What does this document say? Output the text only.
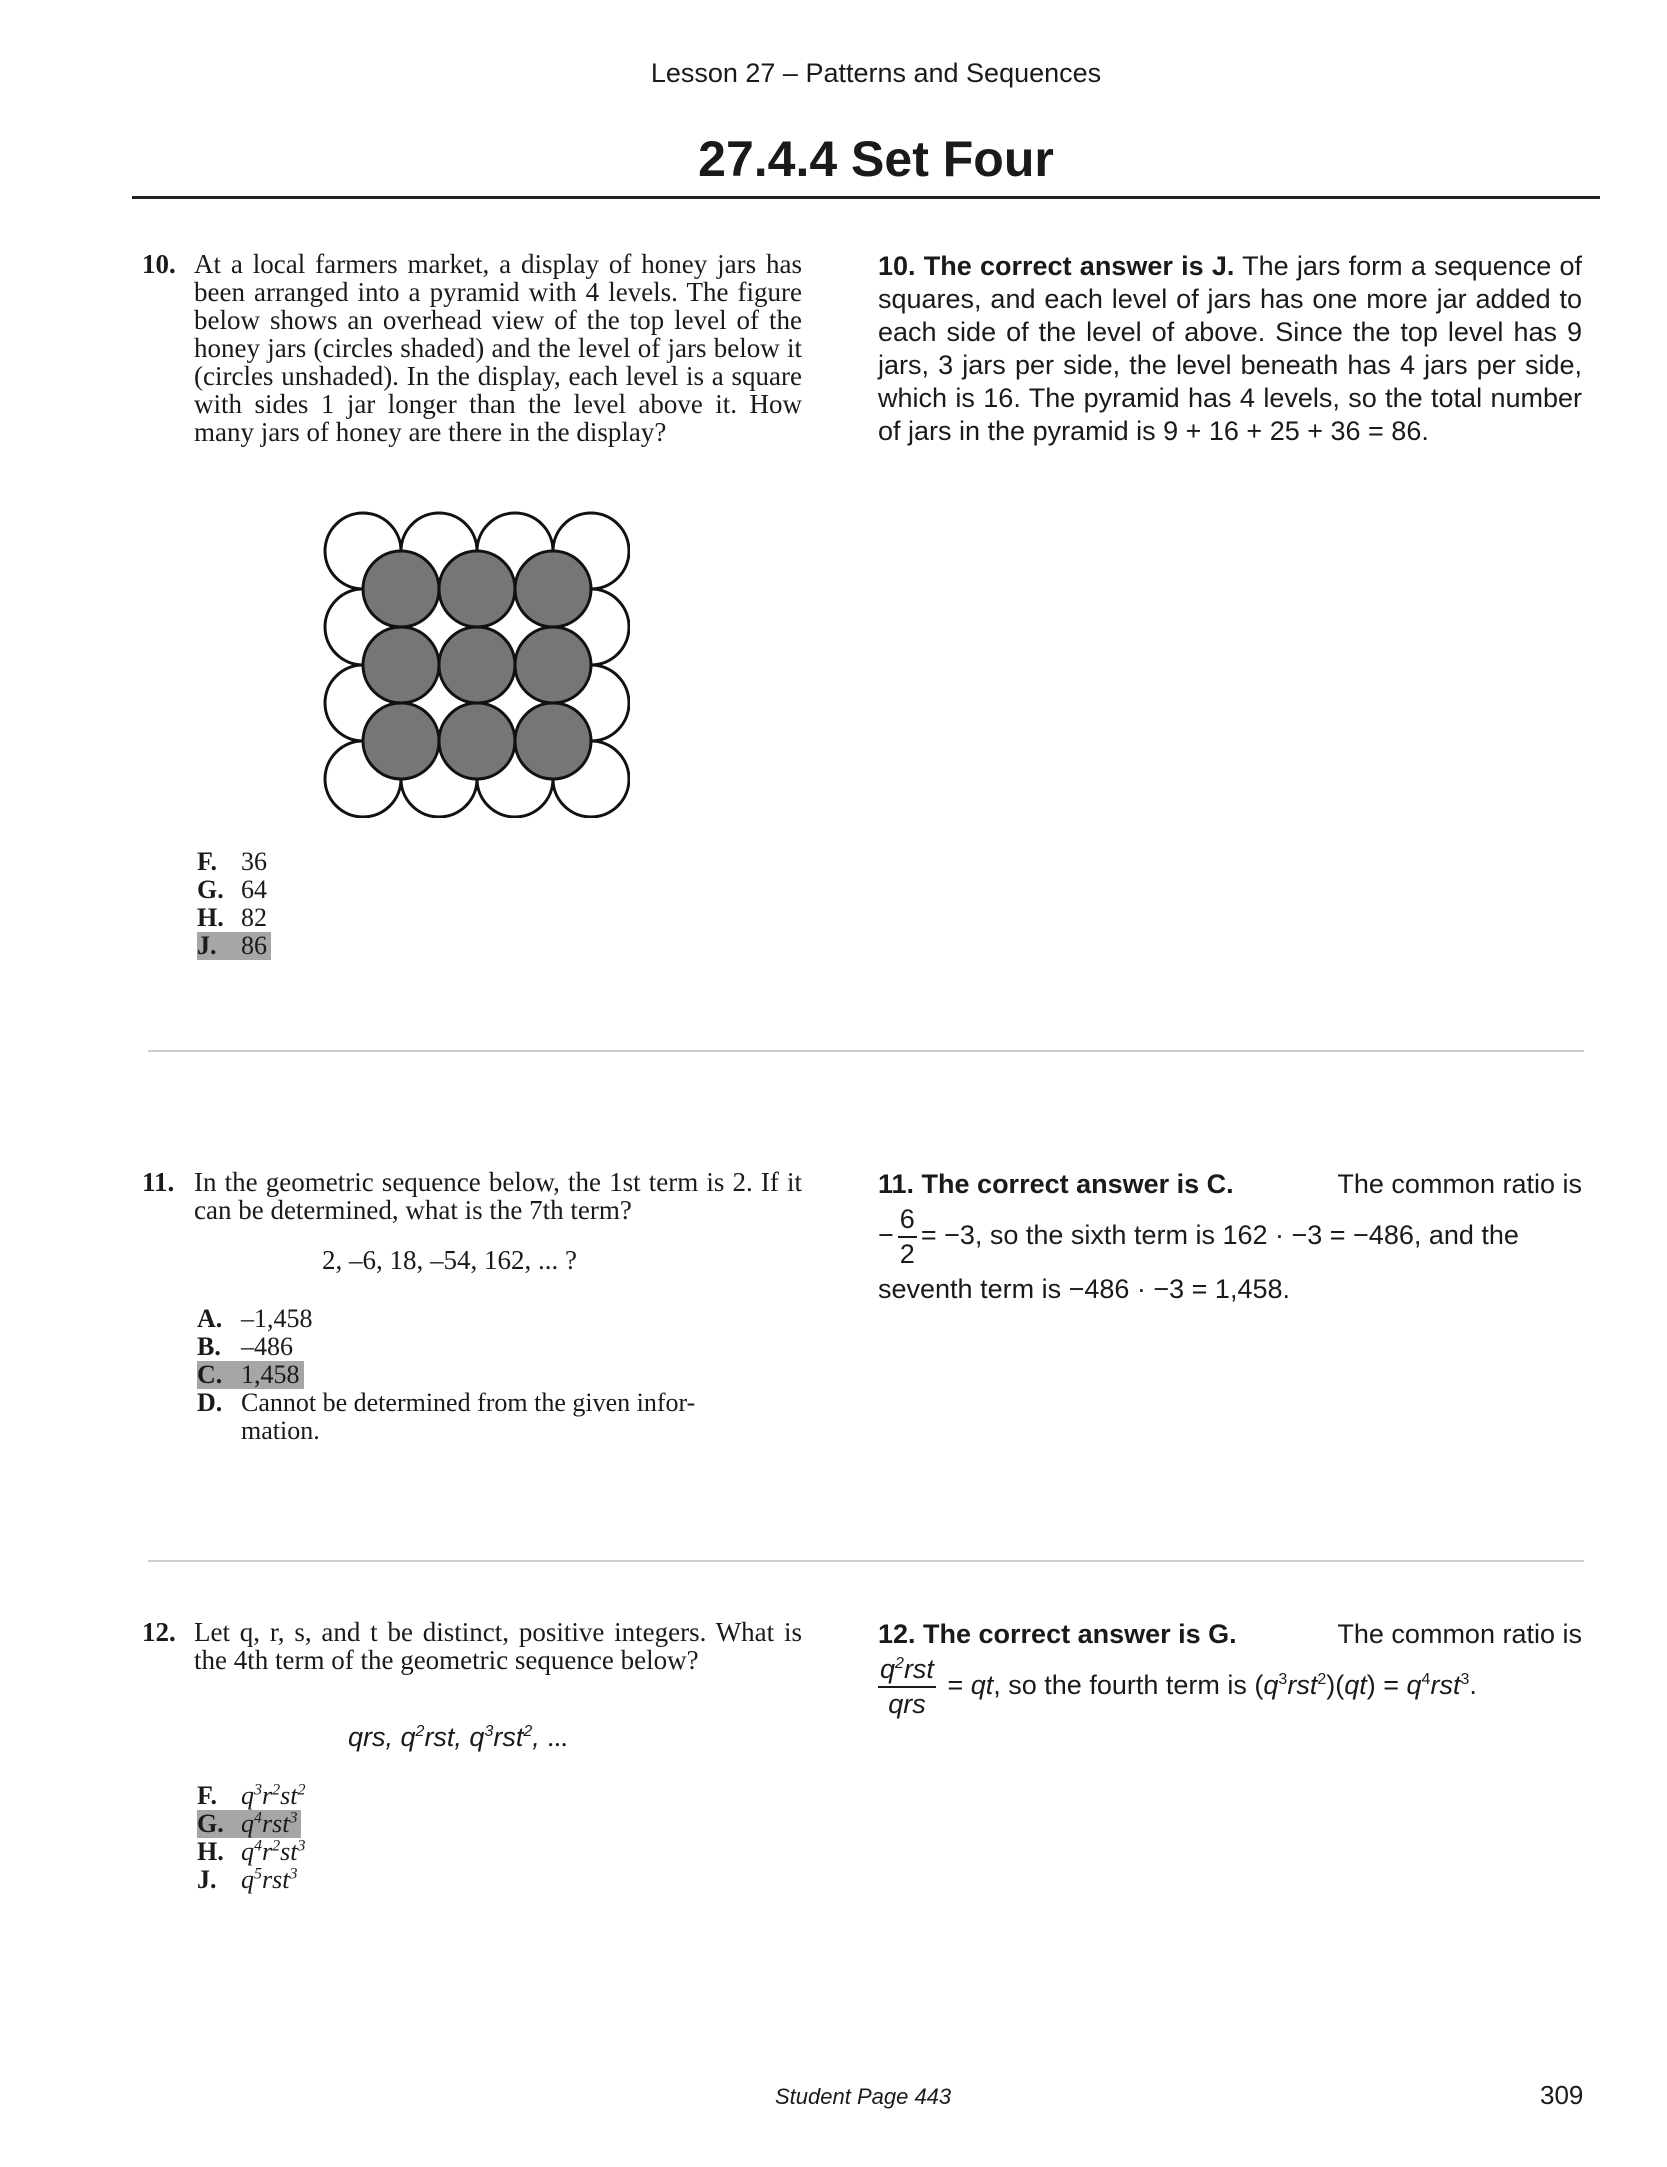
Lesson 27 – Patterns and Sequences
27.4.4 Set Four
10. At a local farmers market, a display of honey jars has been arranged into a pyramid with 4 levels. The figure below shows an overhead view of the top level of the honey jars (circles shaded) and the level of jars below it (circles unshaded). In the display, each level is a square with sides 1 jar longer than the level above it. How many jars of honey are there in the display?
F. 36
G. 64
H. 82
J. 86
10. The correct answer is J. The jars form a sequence of squares, and each level of jars has one more jar added to each side of the level of above. Since the top level has 9 jars, 3 jars per side, the level beneath has 4 jars per side, which is 16. The pyramid has 4 levels, so the total number of jars in the pyramid is 9 + 16 + 25 + 36 = 86.
11. In the geometric sequence below, the 1st term is 2. If it can be determined, what is the 7th term?
2, –6, 18, –54, 162, ... ?
A. –1,458
B. –486
C. 1,458
D. Cannot be determined from the given infor-
mation.
11. The correct answer is C.	The common ratio is
− $\frac{6}{2} = -3$, so the sixth term is 162 · −3 = −486, and the
seventh term is −486 · −3 = 1,458.
12. Let q, r, s, and t be distinct, positive integers. What is the 4th term of the geometric sequence below?
qrs, $q^2rst$, $q^3rst^2$, ...
F. $q^3r^2st^2$
G. $q^4rst^3$
H. $q^4r^2st^3$
J. $q^5rst^3$
12. The correct answer is G.	The common ratio is
$\frac{q^2rst}{\text{qrs}}$ = qt, so the fourth term is $(q^3rst^2)(qt) = q^4rst^3$.
Student Page 443	309
